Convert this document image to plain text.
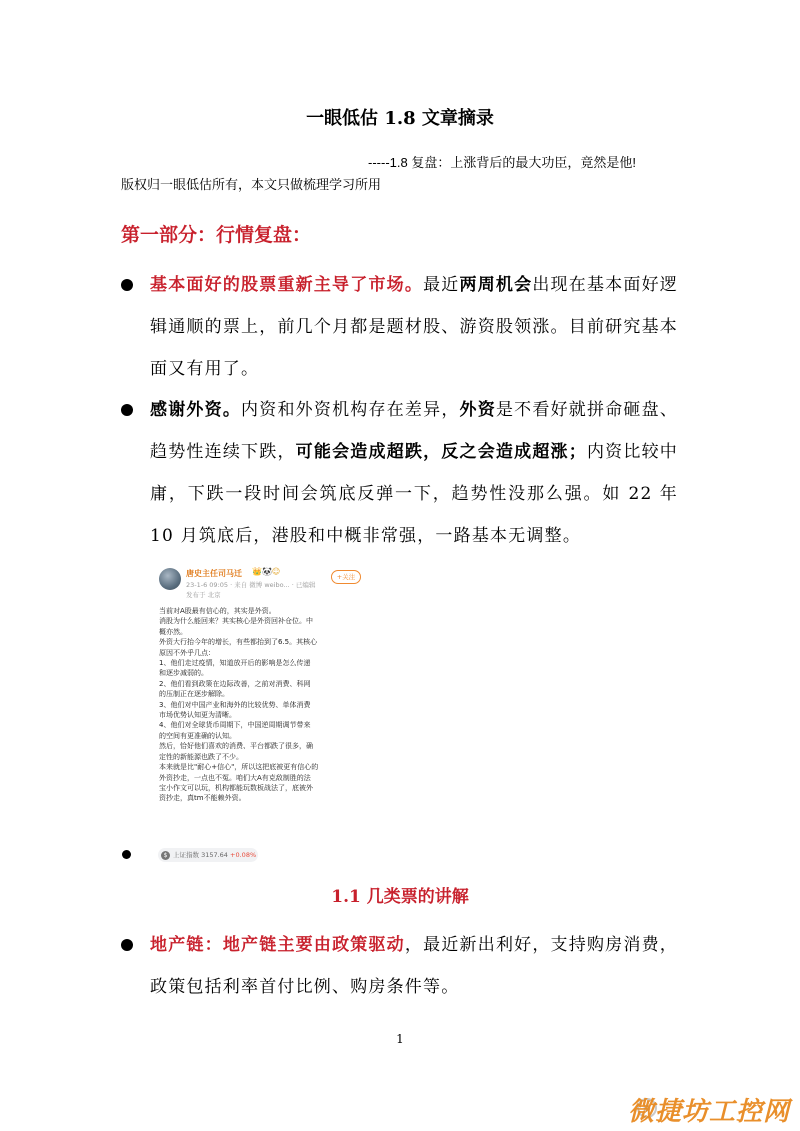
一眼低估 1.8 文章摘录
-----1.8 复盘：上涨背后的最大功臣，竟然是他!
版权归一眼低估所有，本文只做梳理学习所用
第一部分：行情复盘：
基本面好的股票重新主导了市场。最近两周机会出现在基本面好逻辑通顺的票上，前几个月都是题材股、游资股领涨。目前研究基本面又有用了。
感谢外资。内资和外资机构存在差异，外资是不看好就拼命砸盘、趋势性连续下跌，可能会造成超跌，反之会造成超涨；内资比较中庸，下跌一段时间会筑底反弹一下，趋势性没那么强。如 22 年 10 月筑底后，港股和中概非常强，一路基本无调整。
唐史主任司马迁 👑🐼☺
23-1-6 09:05 · 来自 微博 weibo... · 已编辑
发布于 北京
+关注
当前对A股最有信心的，其实是外资。
消股为什么能回来？其实核心是外资回补仓位。中
概亦然。
外资大行抬今年的增长，有些都抬到了6.5。其核心
原因不外乎几点：
1、他们走过疫情，知道放开后的影响是怎么传递
和逐步减弱的。
2、他们看到政策在边际改善，之前对消费、科网
的压制正在逐步解除。
3、他们对中国产业和海外的比较优势、单体消费
市场优势认知更为清晰。
4、他们对全球货币周期下，中国逆周期调节带来
的空间有更准确的认知。
然后，恰好他们喜欢的消费、平台都跌了很多，确
定性的新能源也跌了不少。
本来就是比"耐心+信心"，所以这把底被更有信心的
外资抄走，一点也不冤。咱们大A有克敌制胜的法
宝小作文可以玩，机构都能玩数板战法了，底被外
资抄走，真tm不能赖外资。
$ 上证指数 3157.64 +0.08%
1.1 几类票的讲解
地产链：地产链主要由政策驱动，最近新出利好，支持购房消费，政策包括利率首付比例、购房条件等。
1
微捷坊工控网
